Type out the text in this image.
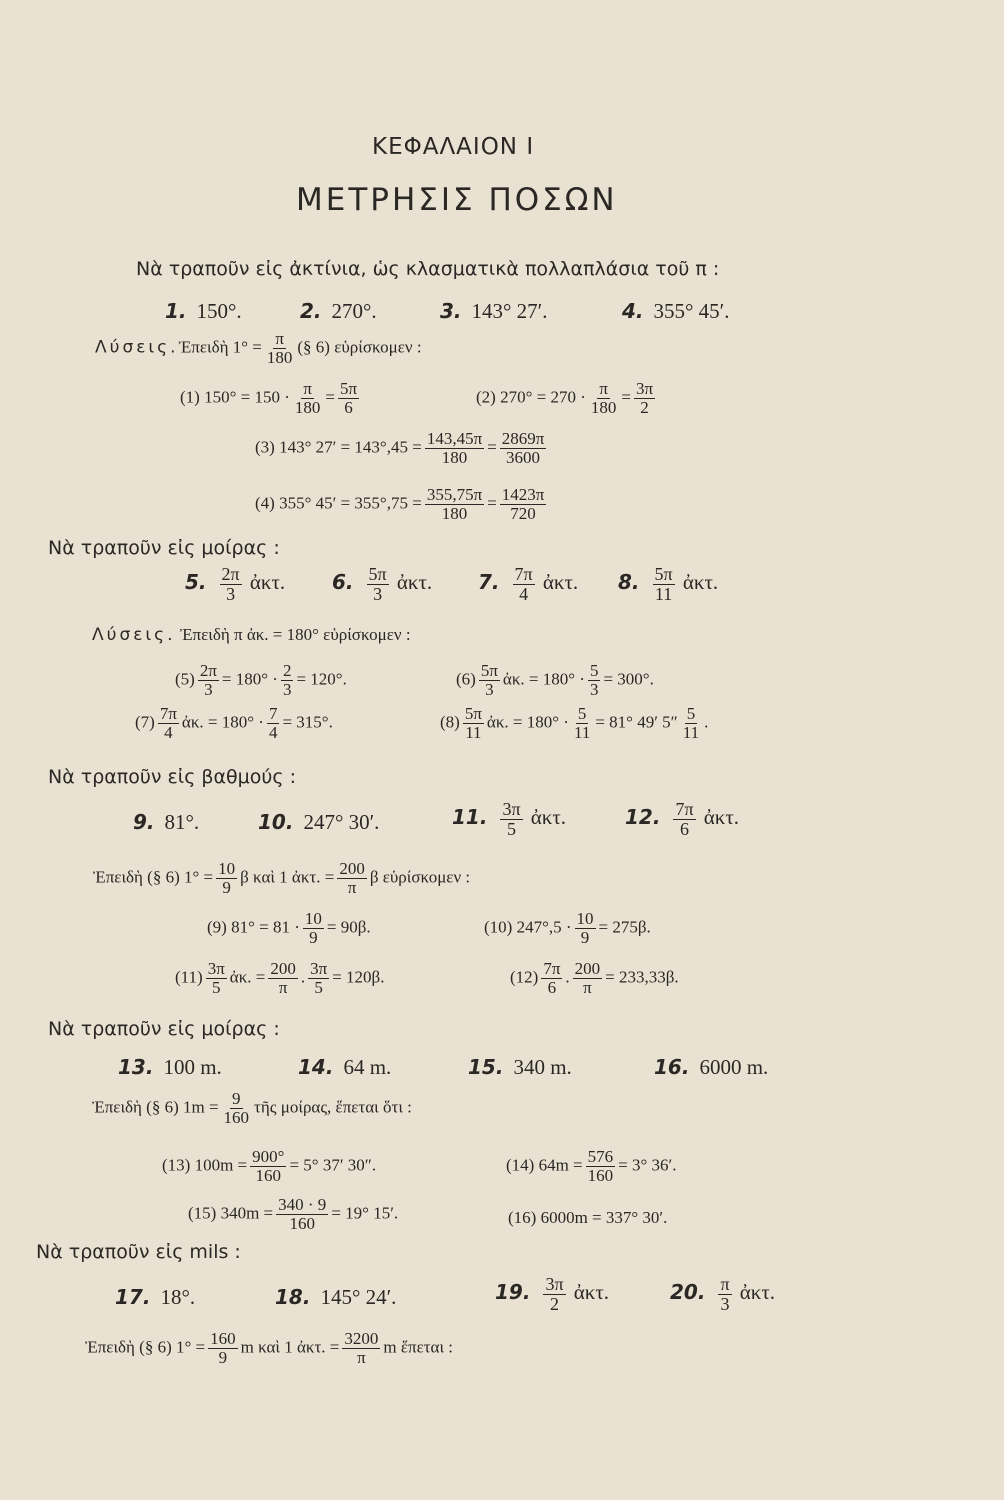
ΚΕΦΑΛΑΙΟΝ Ι
ΜΕΤΡΗΣΙΣ ΠΟΣΩΝ
Νὰ τραποῦν εἰς ἀκτίνια, ὡς κλασματικὰ πολλαπλάσια τοῦ π :
1. 150°.	2. 270°.	3. 143° 27′.	4. 355° 45′.
Λύσεις.Ἐπειδὴ $1^\circ = \frac{\pi}{180}$ (§ 6) εὑρίσκομεν :
(1) $150^\circ = 150 \cdot \frac{\pi}{180} = \frac{5\pi}{6}$	(2) $270^\circ = 270 \cdot \frac{\pi}{180} = \frac{3\pi}{2}$
(3) 143° $27' = 143^\circ,45 = \frac{143,45\pi}{180} = \frac{2869\pi}{3600}$
(4) 355° $45' = 355^\circ,75 = \frac{355,75\pi}{180} = \frac{1423\pi}{720}$
Νὰ τραποῦν εἰς μοίρας :
5. $\frac{2\pi}{3}$ ἀκτ. 6. $\frac{5\pi}{3}$ ἀκτ. 7. $\frac{7\pi}{4}$ ἀκτ. 8. $\frac{5\pi}{11}$ ἀκτ.
Λύσεις. Ἐπειδὴ π ἀκ. = 180° εὑρίσκομεν :
$(5) \frac{2\pi}{3} = 180^\circ \cdot \frac{2}{3} = 120^\circ$.	$(6) \frac{5\pi}{3}$ ἀκ. = $180^\circ \cdot \frac{5}{3} = 300^\circ$.
$(7) \frac{7\pi}{4}$ ἀκ. = $180^\circ \cdot \frac{7}{4} = 315^\circ$.	$(8) \frac{5\pi}{11}$ ἀκ. = $180^\circ \cdot \frac{5}{11} = 81^\circ$ 49′ $5'' \frac{5}{11}$ .
Νὰ τραποῦν εἰς βαθμούς :
9. 81°.	10. 247° 30′.	11. $\frac{3\pi}{5}$ ἀκτ.	12. $\frac{7\pi}{6}$ ἀκτ.
Ἐπειδὴ (§ 6) $1^\circ = \frac{10}{9}$ β καὶ 1 ἀκτ. = $\frac{200}{\pi}$ β εὑρίσκομεν :
(9) $81^\circ = 81 \cdot \frac{10}{9} = 90\beta$.	(10) $247^\circ,5 \cdot \frac{10}{9} = 275\beta$.
$(11) \frac{3\pi}{5}$ ἀκ. = $\frac{200}{\pi}$ . $\frac{3\pi}{5} = 120\beta$.	$(12) \frac{7\pi}{6}$ . $\frac{200}{\pi} = 233,33\beta$.
Νὰ τραποῦν εἰς μοίρας :
13. 100 m.	14. 64 m.	15. 340 m.	16. 6000 m.
Ἐπειδὴ (§ 6) $1m = \frac{9}{160}$ τῆς μοίρας, ἕπεται ὅτι :
(13) $100m = \frac{900^\circ}{160} = 5^\circ$ 37′ 30″.	(14) $64m = \frac{576}{160} = 3^\circ$ 36′.
(15) $340m = \frac{340 \cdot 9}{160} = 19^\circ$ 15′.	(16) 6000m = 337° 30′.
Νὰ τραποῦν εἰς mils :
17. 18°.	18. 145° 24′.	19. $\frac{3\pi}{2}$ ἀκτ.	20. $\frac{\pi}{3}$ ἀκτ.
Ἐπειδὴ (§ 6) $1^\circ = \frac{160}{9}$ m καὶ 1 ἀκτ. = $\frac{3200}{\pi}$ m ἕπεται :
